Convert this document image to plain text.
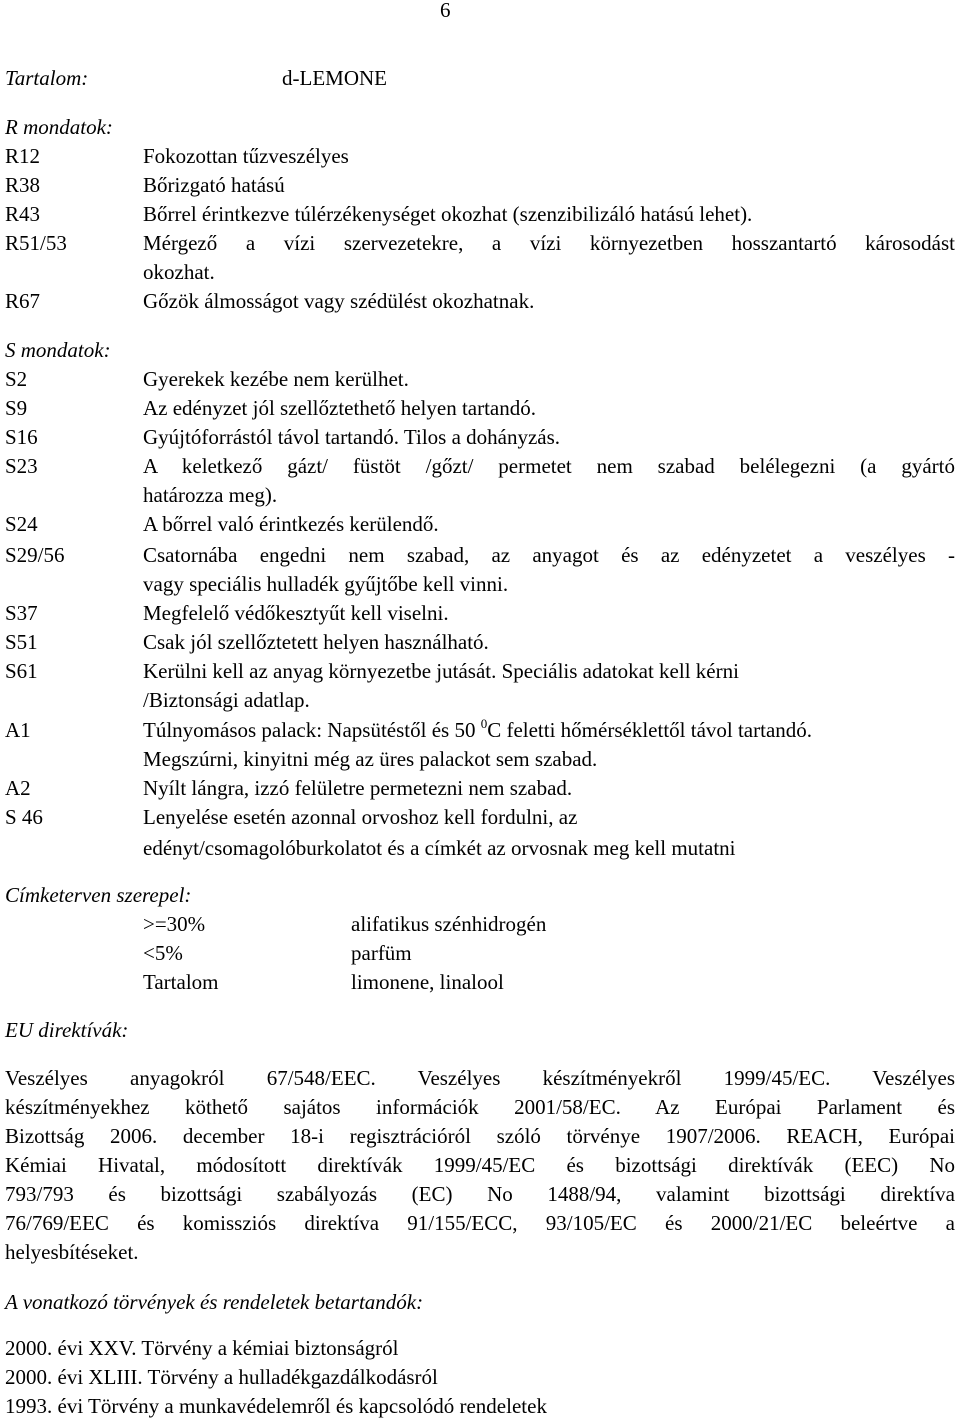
6
Tartalom:	d-LEMONE
R mondatok:
R12	Fokozottan tűzveszélyes
R38	Bőrizgató hatású
R43	Bőrrel érintkezve túlérzékenységet okozhat (szenzibilizáló hatású lehet).
R51/53	Mérgező a vízi szervezetekre, a vízi környezetben hosszantartó károsodást
okozhat.
R67	Gőzök álmosságot vagy szédülést okozhatnak.
S mondatok:
S2	Gyerekek kezébe nem kerülhet.
S9	Az edényzet jól szellőztethető helyen tartandó.
S16	Gyújtóforrástól távol tartandó. Tilos a dohányzás.
S23	A keletkező gázt/ füstöt /gőzt/ permetet nem szabad belélegezni (a gyártó
határozza meg).
S24	A bőrrel való érintkezés kerülendő.
S29/56	Csatornába engedni nem szabad, az anyagot és az edényzetet a veszélyes -
vagy speciális hulladék gyűjtőbe kell vinni.
S37	Megfelelő védőkesztyűt kell viselni.
S51	Csak jól szellőztetett helyen használható.
S61	Kerülni kell az anyag környezetbe jutását. Speciális adatokat kell kérni
/Biztonsági adatlap.
A1	Túlnyomásos palack: Napsütéstől és 50 $^0$C feletti hőmérséklettől távol tartandó.
Megszúrni, kinyitni még az üres palackot sem szabad.
A2	Nyílt lángra, izzó felületre permetezni nem szabad.
S 46	Lenyelése esetén azonnal orvoshoz kell fordulni, az
edényt/csomagolóburkolatot és a címkét az orvosnak meg kell mutatni
Címketerven szerepel:
>=30%	alifatikus szénhidrogén
<5%	parfüm
Tartalom	limonene, linalool
EU direktívák:
Veszélyes anyagokról 67/548/EEC. Veszélyes készítményekről 1999/45/EC. Veszélyes
készítményekhez köthető sajátos információk 2001/58/EC. Az Európai Parlament és
Bizottság 2006. december 18-i regisztrációról szóló törvénye 1907/2006. REACH, Európai
Kémiai Hivatal, módosított direktívák 1999/45/EC és bizottsági direktívák (EEC) No
793/793 és bizottsági szabályozás (EC) No 1488/94, valamint bizottsági direktíva
76/769/EEC és komissziós direktíva 91/155/ECC, 93/105/EC és 2000/21/EC beleértve a
helyesbítéseket.
A vonatkozó törvények és rendeletek betartandók:
2000. évi XXV. Törvény a kémiai biztonságról
2000. évi XLIII. Törvény a hulladékgazdálkodásról
1993. évi Törvény a munkavédelemről és kapcsolódó rendeletek
